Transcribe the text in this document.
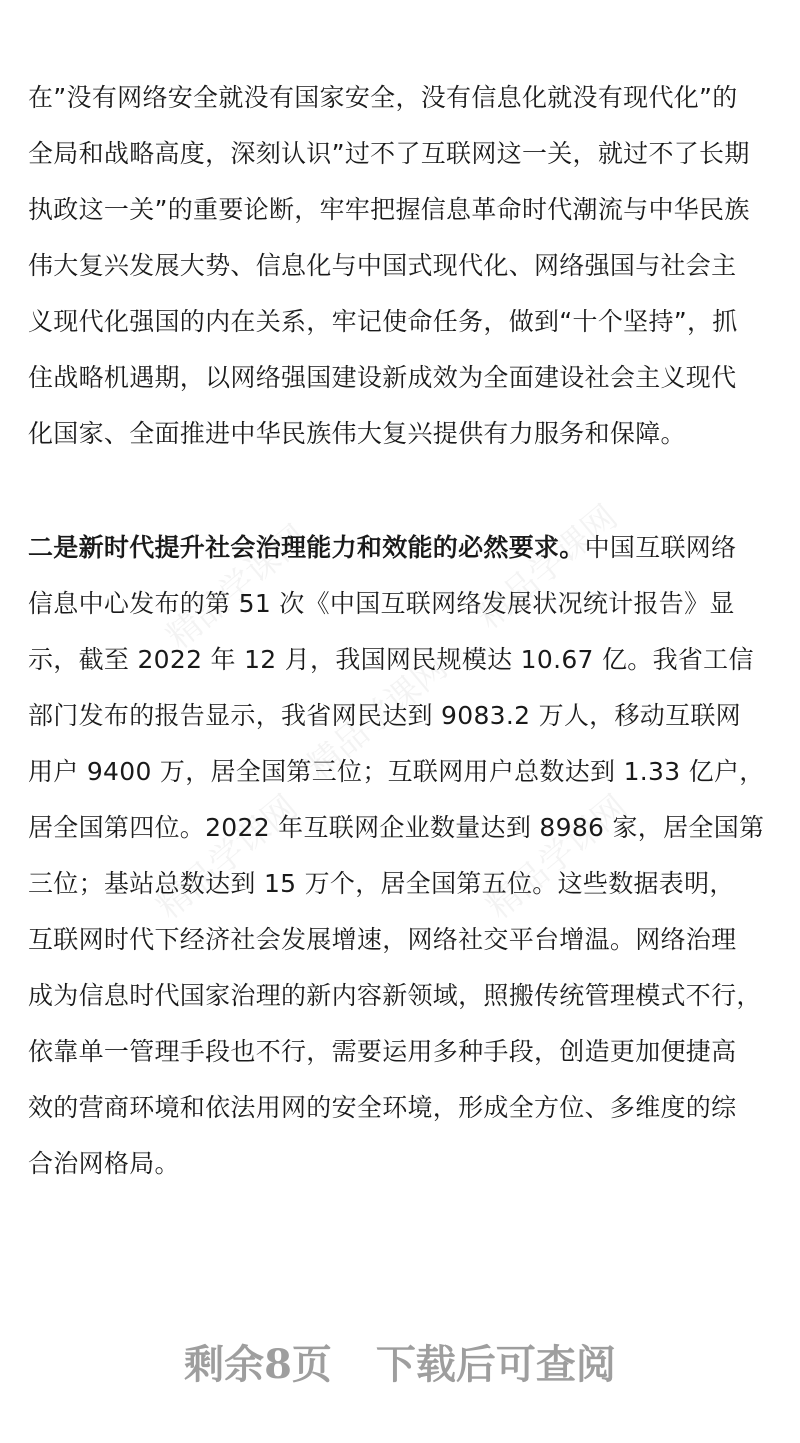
精品学课网	精品学课网
精品学课网
精品学课网	精品学课网
在”没有网络安全就没有国家安全，没有信息化就没有现代化”的
全局和战略高度，深刻认识”过不了互联网这一关，就过不了长期
执政这一关”的重要论断，牢牢把握信息革命时代潮流与中华民族
伟大复兴发展大势、信息化与中国式现代化、网络强国与社会主
义现代化强国的内在关系，牢记使命任务，做到“十个坚持”，抓
住战略机遇期，以网络强国建设新成效为全面建设社会主义现代
化国家、全面推进中华民族伟大复兴提供有力服务和保障。
二是新时代提升社会治理能力和效能的必然要求。中国互联网络
信息中心发布的第 51 次《中国互联网络发展状况统计报告》显
示，截至 2022 年 12 月，我国网民规模达 10.67 亿。我省工信
部门发布的报告显示，我省网民达到 9083.2 万人，移动互联网
用户 9400 万，居全国第三位；互联网用户总数达到 1.33 亿户，
居全国第四位。2022 年互联网企业数量达到 8986 家，居全国第
三位；基站总数达到 15 万个，居全国第五位。这些数据表明，
互联网时代下经济社会发展增速，网络社交平台增温。网络治理
成为信息时代国家治理的新内容新领域，照搬传统管理模式不行，
依靠单一管理手段也不行，需要运用多种手段，创造更加便捷高
效的营商环境和依法用网的安全环境，形成全方位、多维度的综
合治网格局。
剩余8页 下载后可查阅
